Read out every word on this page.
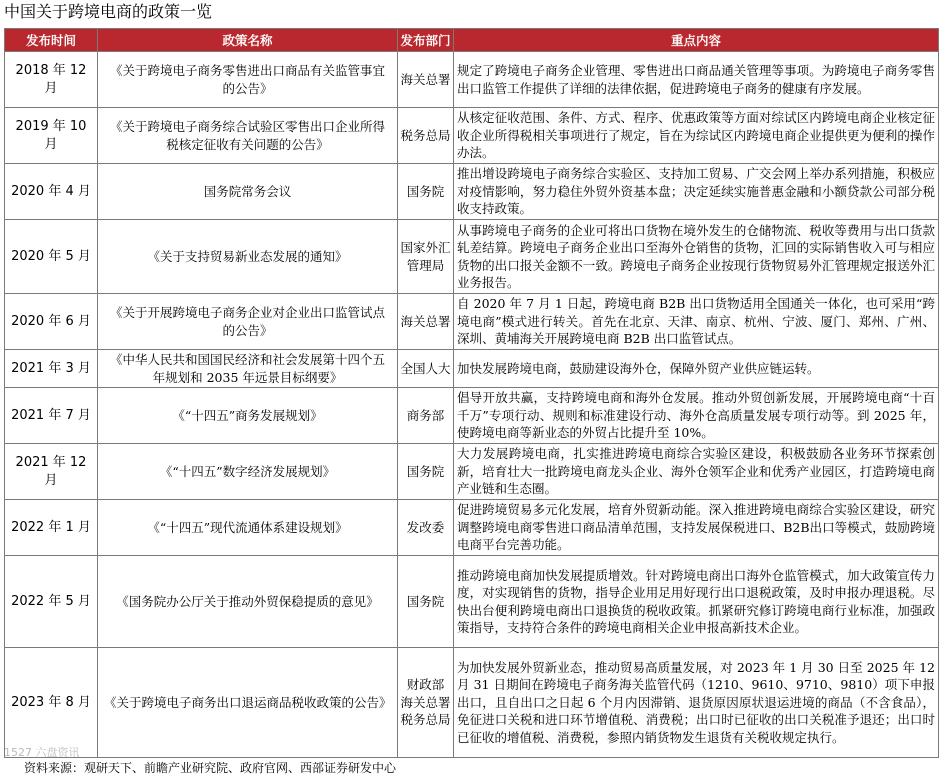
中国关于跨境电商的政策一览
发布时间	政策名称	发布部门	重点内容
2018 年 12 月	《关于跨境电子商务零售进出口商品有关监管事宜的公告》	海关总署	规定了跨境电子商务企业管理、零售进出口商品通关管理等事项。为跨境电子商务零售出口监管工作提供了详细的法律依据，促进跨境电子商务的健康有序发展。
2019 年 10 月	《关于跨境电子商务综合试验区零售出口企业所得税核定征收有关问题的公告》	税务总局	从核定征收范围、条件、方式、程序、优惠政策等方面对综试区内跨境电商企业核定征收企业所得税相关事项进行了规定，旨在为综试区内跨境电商企业提供更为便利的操作办法。
2020 年 4 月	国务院常务会议	国务院	推出增设跨境电子商务综合实验区、支持加工贸易、广交会网上举办系列措施，积极应对疫情影响，努力稳住外贸外资基本盘；决定延续实施普惠金融和小额贷款公司部分税收支持政策。
2020 年 5 月	《关于支持贸易新业态发展的通知》	国家外汇管理局	从事跨境电子商务的企业可将出口货物在境外发生的仓储物流、税收等费用与出口货款轧差结算。跨境电子商务企业出口至海外仓销售的货物，汇回的实际销售收入可与相应货物的出口报关金额不一致。跨境电子商务企业按现行货物贸易外汇管理规定报送外汇业务报告。
2020 年 6 月	《关于开展跨境电子商务企业对企业出口监管试点的公告》	海关总署	自 2020 年 7 月 1 日起，跨境电商 B2B 出口货物适用全国通关一体化，也可采用“跨境电商”模式进行转关。首先在北京、天津、南京、杭州、宁波、厦门、郑州、广州、深圳、黄埔海关开展跨境电商 B2B 出口监管试点。
2021 年 3 月	《中华人民共和国国民经济和社会发展第十四个五年规划和 2035 年远景目标纲要》	全国人大	加快发展跨境电商，鼓励建设海外仓，保障外贸产业供应链运转。
2021 年 7 月	《“十四五”商务发展规划》	商务部	倡导开放共赢，支持跨境电商和海外仓发展。推动外贸创新发展，开展跨境电商“十百千万”专项行动、规则和标准建设行动、海外仓高质量发展专项行动等。到 2025 年，使跨境电商等新业态的外贸占比提升至 10%。
2021 年 12 月	《“十四五”数字经济发展规划》	国务院	大力发展跨境电商，扎实推进跨境电商综合实验区建设，积极鼓励各业务环节探索创新，培育壮大一批跨境电商龙头企业、海外仓领军企业和优秀产业园区，打造跨境电商产业链和生态圈。
2022 年 1 月	《“十四五”现代流通体系建设规划》	发改委	促进跨境贸易多元化发展，培育外贸新动能。深入推进跨境电商综合实验区建设，研究调整跨境电商零售进口商品清单范围，支持发展保税进口、B2B出口等模式，鼓励跨境电商平台完善功能。
2022 年 5 月	《国务院办公厅关于推动外贸保稳提质的意见》	国务院	推动跨境电商加快发展提质增效。针对跨境电商出口海外仓监管模式，加大政策宣传力度，对实现销售的货物，指导企业用足用好现行出口退税政策，及时申报办理退税。尽快出台便利跨境电商出口退换货的税收政策。抓紧研究修订跨境电商行业标准，加强政策指导，支持符合条件的跨境电商相关企业申报高新技术企业。
2023 年 8 月	《关于跨境电子商务出口退运商品税收政策的公告》	财政部 海关总署 税务总局	为加快发展外贸新业态，推动贸易高质量发展，对 2023 年 1 月 30 日至 2025 年 12 月 31 日期间在跨境电子商务海关监管代码（1210、9610、9710、9810）项下申报出口，且自出口之日起 6 个月内因滞销、退货原因原状退运进境的商品（不含食品），免征进口关税和进口环节增值税、消费税；出口时已征收的出口关税准予退还；出口时已征收的增值税、消费税，参照内销货物发生退货有关税收规定执行。
1527 六盘资讯
资料来源：观研天下、前瞻产业研究院、政府官网、西部证券研发中心
